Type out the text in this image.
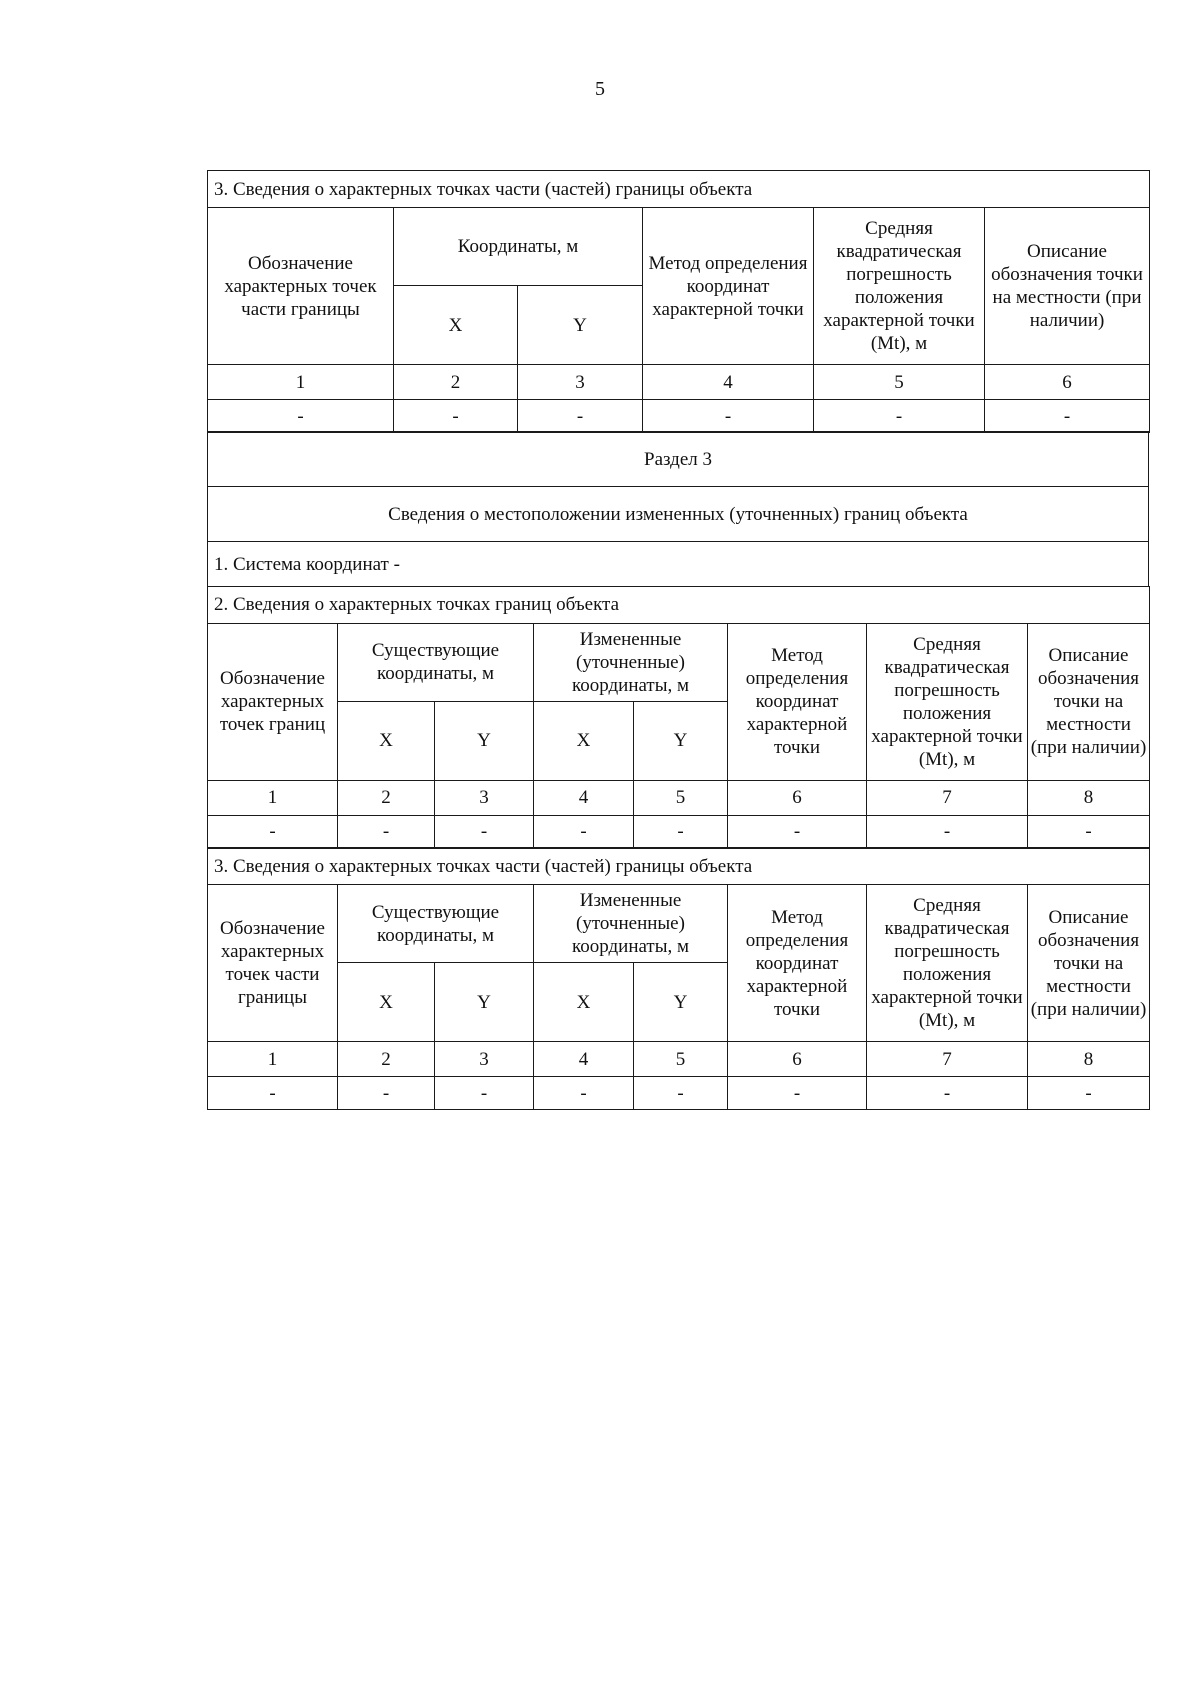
5
3. Сведения о характерных точках части (частей) границы объекта					
Обозначение характерных точек части границы	Координаты, м		Метод определения координат характерной точки	Средняя квадратическая погрешность положения характерной точки (Mt), м	Описание обозначения точки на местности (при наличии)
	X	Y			
1	2	3	4	5	6
-	-	-	-	-	-
Раздел 3
Сведения о местоположении измененных (уточненных) границ объекта
1. Система координат -
2. Сведения о характерных точках границ объекта							
Обозначение характерных точек границ	Существующие координаты, м		Измененные (уточненные) координаты, м		Метод определения координат характерной точки	Средняя квадратическая погрешность положения характерной точки (Mt), м	Описание обозначения точки на местности (при наличии)
	X	Y	X	Y			
1	2	3	4	5	6	7	8
-	-	-	-	-	-	-	-
3. Сведения о характерных точках части (частей) границы объекта							
Обозначение характерных точек части границы	Существующие координаты, м		Измененные (уточненные) координаты, м		Метод определения координат характерной точки	Средняя квадратическая погрешность положения характерной точки (Mt), м	Описание обозначения точки на местности (при наличии)
	X	Y	X	Y			
1	2	3	4	5	6	7	8
-	-	-	-	-	-	-	-
